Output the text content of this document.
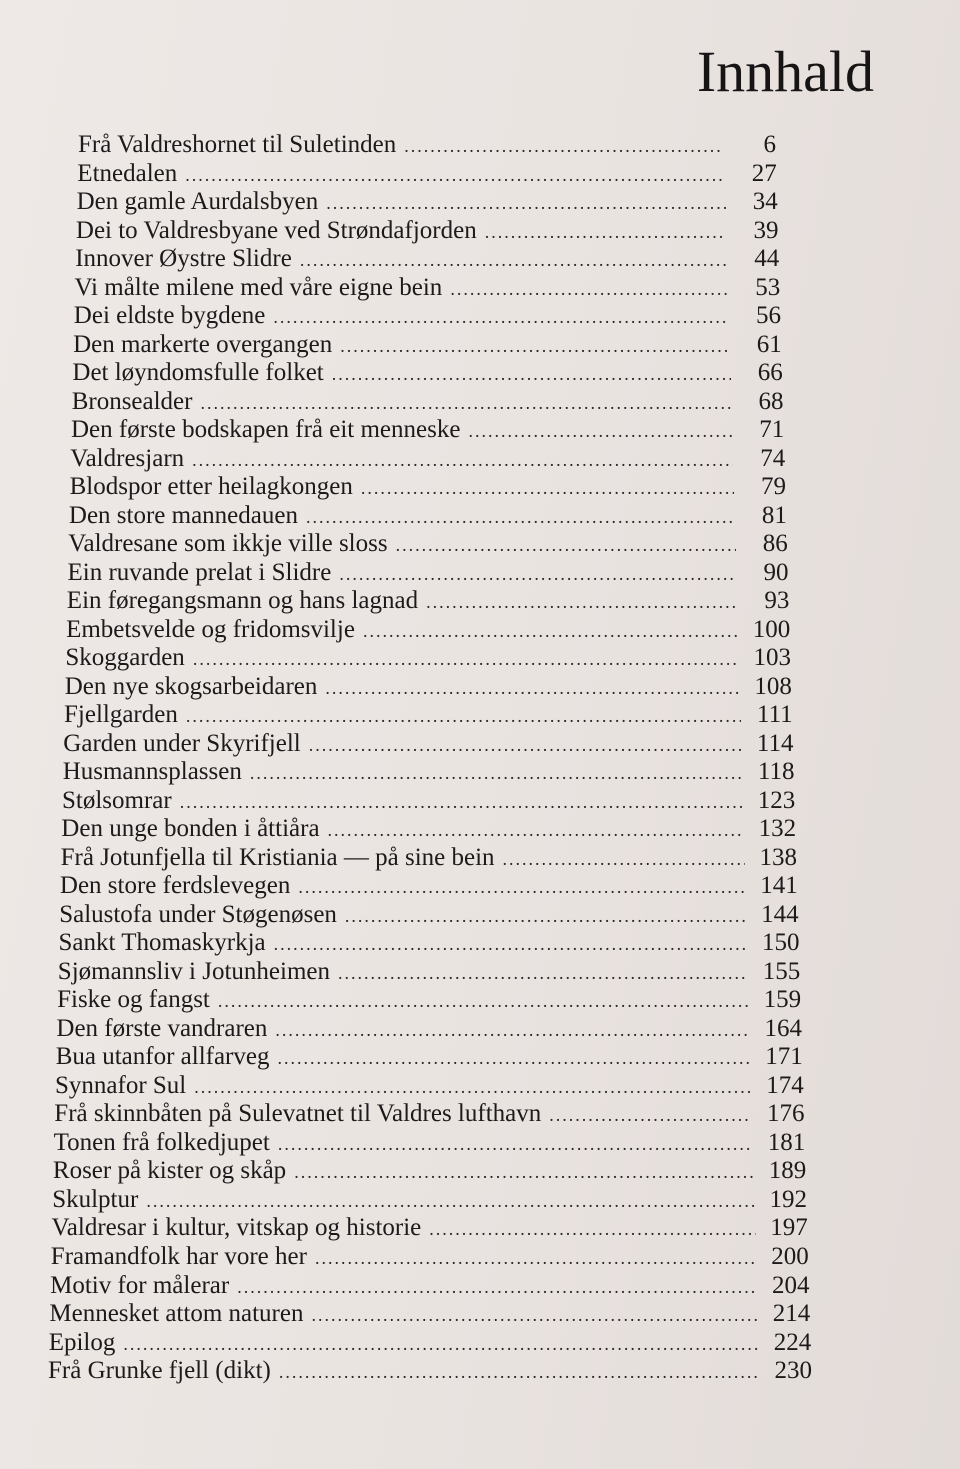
Innhald
Frå Valdreshornet til Suletinden .....	6
Etnedalen .....	27
Den gamle Aurdalsbyen .....	34
Dei to Valdresbyane ved Strøndafjorden .....	39
Innover Øystre Slidre .....	44
Vi målte milene med våre eigne bein .....	53
Dei eldste bygdene .....	56
Den markerte overgangen .....	61
Det løyndomsfulle folket .....	66
Bronsealder .....	68
Den første bodskapen frå eit menneske .....	71
Valdresjarn .....	74
Blodspor etter heilagkongen .....	79
Den store mannedauen .....	81
Valdresane som ikkje ville sloss .....	86
Ein ruvande prelat i Slidre .....	90
Ein føregangsmann og hans lagnad .....	93
Embetsvelde og fridomsvilje .....	100
Skoggarden .....	103
Den nye skogsarbeidaren .....	108
Fjellgarden .....	111
Garden under Skyrifjell .....	114
Husmannsplassen .....	118
Stølsomrar .....	123
Den unge bonden i åttiåra .....	132
Frå Jotunfjella til Kristiania — på sine bein .....	138
Den store ferdslevegen .....	141
Salustofa under Støgenøsen .....	144
Sankt Thomaskyrkja .....	150
Sjømannsliv i Jotunheimen .....	155
Fiske og fangst .....	159
Den første vandraren .....	164
Bua utanfor allfarveg .....	171
Synnafor Sul .....	174
Frå skinnbåten på Sulevatnet til Valdres lufthavn .....	176
Tonen frå folkedjupet .....	181
Roser på kister og skåp .....	189
Skulptur .....	192
Valdresar i kultur, vitskap og historie .....	197
Framandfolk har vore her .....	200
Motiv for målerar .....	204
Mennesket attom naturen .....	214
Epilog .....	224
Frå Grunke fjell (dikt) .....	230
